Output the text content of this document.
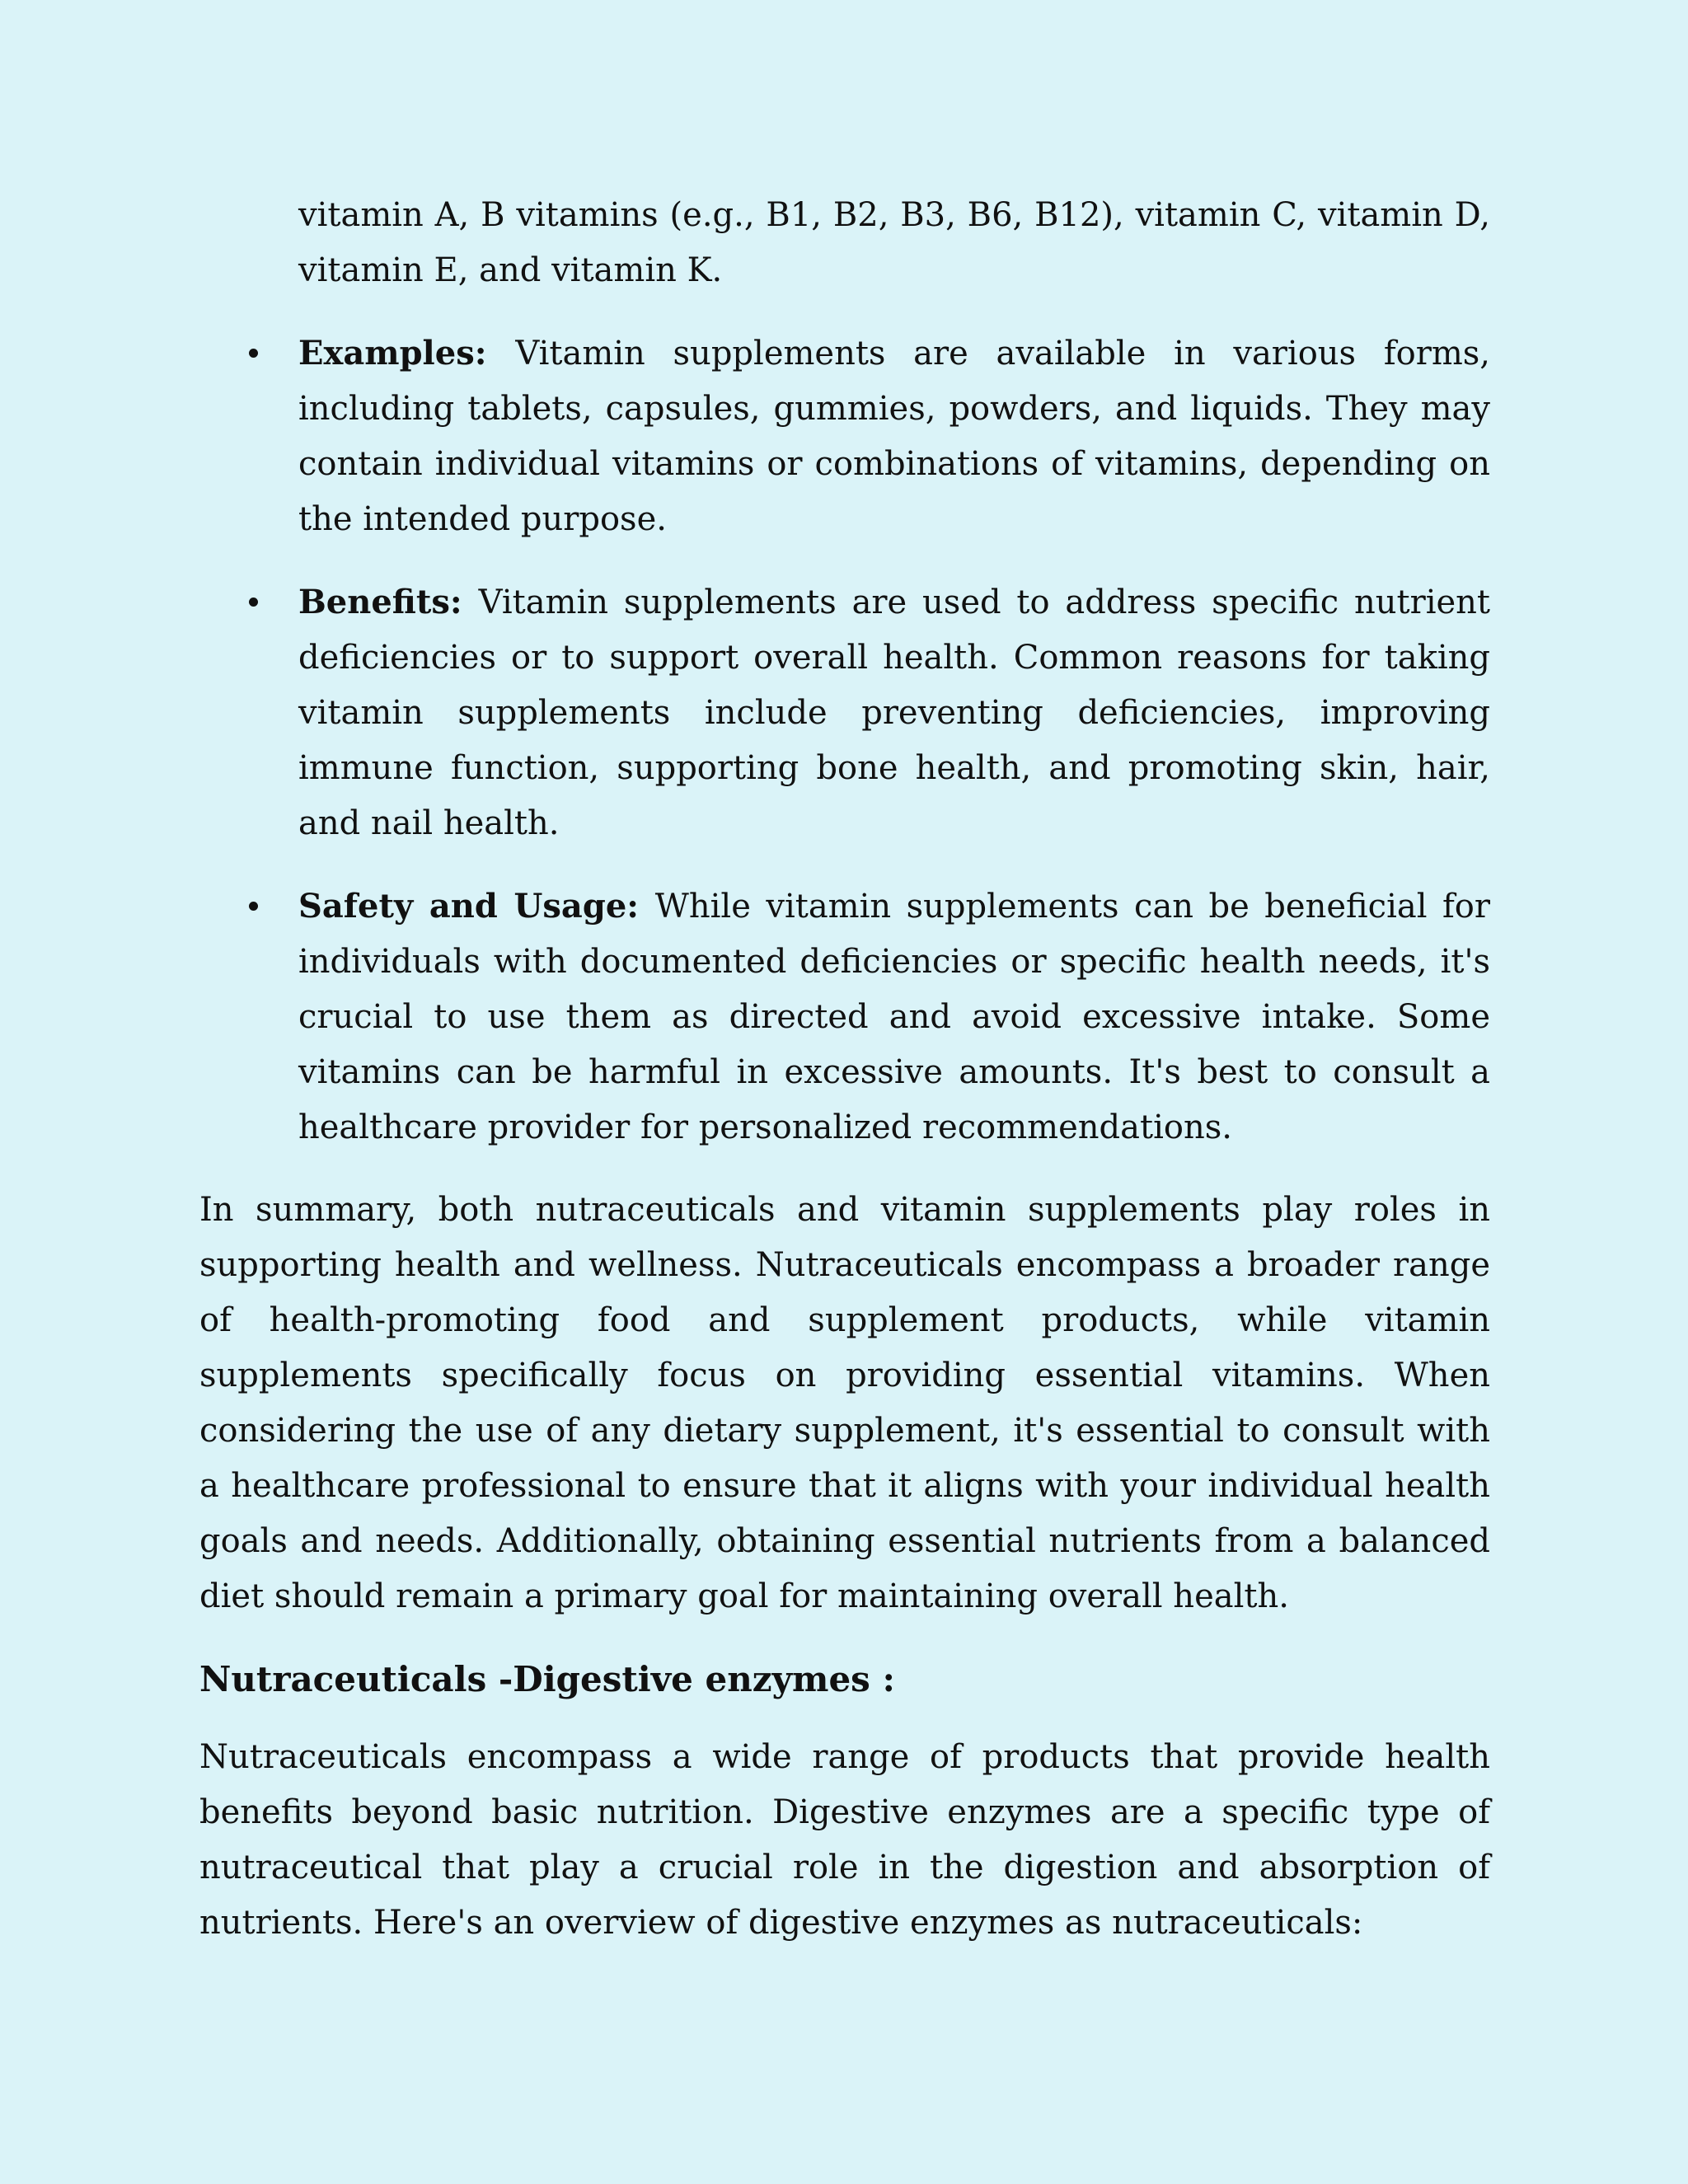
vitamin A, B vitamins (e.g., B1, B2, B3, B6, B12), vitamin C, vitamin D, vitamin E, and vitamin K.

Examples: Vitamin supplements are available in various forms, including tablets, capsules, gummies, powders, and liquids. They may contain individual vitamins or combinations of vitamins, depending on the intended purpose.
Benefits: Vitamin supplements are used to address specific nutrient deficiencies or to support overall health. Common reasons for taking vitamin supplements include preventing deficiencies, improving immune function, supporting bone health, and promoting skin, hair, and nail health.
Safety and Usage: While vitamin supplements can be beneficial for individuals with documented deficiencies or specific health needs, it's crucial to use them as directed and avoid excessive intake. Some vitamins can be harmful in excessive amounts. It's best to consult a healthcare provider for personalized recommendations.

In summary, both nutraceuticals and vitamin supplements play roles in supporting health and wellness. Nutraceuticals encompass a broader range of health-promoting food and supplement products, while vitamin supplements specifically focus on providing essential vitamins. When considering the use of any dietary supplement, it's essential to consult with a healthcare professional to ensure that it aligns with your individual health goals and needs. Additionally, obtaining essential nutrients from a balanced diet should remain a primary goal for maintaining overall health.

Nutraceuticals -Digestive enzymes :

Nutraceuticals encompass a wide range of products that provide health benefits beyond basic nutrition. Digestive enzymes are a specific type of nutraceutical that play a crucial role in the digestion and absorption of nutrients. Here's an overview of digestive enzymes as nutraceuticals:
